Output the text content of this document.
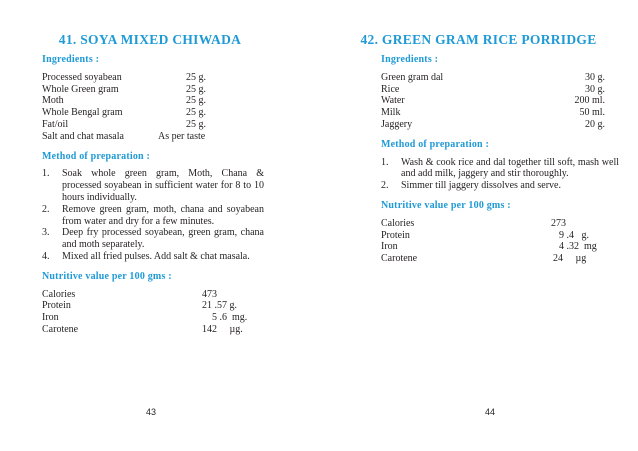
41. SOYA MIXED CHIWADA
Ingredients :
Processed soyabean	25 g.
Whole Green gram	25 g.
Moth	25 g.
Whole Bengal gram	25 g.
Fat/oil	25 g.
Salt and chat masala	As per taste
Method of preparation :
1.	Soak whole green gram, Moth, Chana & processed soyabean in sufficient water for 8 to 10 hours individually.
2.	Remove green gram, moth, chana and soyabean from water and dry for a few minutes.
3.	Deep fry processed soyabean, green gram, chana and moth separately.
4.	Mixed all fried pulses. Add salt & chat masala.
Nutritive value per 100 gms :
Calories	473
Protein	21 .57 g.
Iron	5 .6  mg.
Carotene	142     µg.
43
42. GREEN GRAM RICE PORRIDGE
Ingredients :
Green gram dal	30 g.
Rice	30 g.
Water	200 ml.
Milk	50 ml.
Jaggery	20 g.
Method of preparation :
1.	Wash & cook rice and dal together till soft, mash well and add milk, jaggery and stir thoroughly.
2.	Simmer till jaggery dissolves and serve.
Nutritive value per 100 gms :
Calories	273
Protein	9 .4   g.
Iron	4 .32  mg
Carotene	24     µg
44
